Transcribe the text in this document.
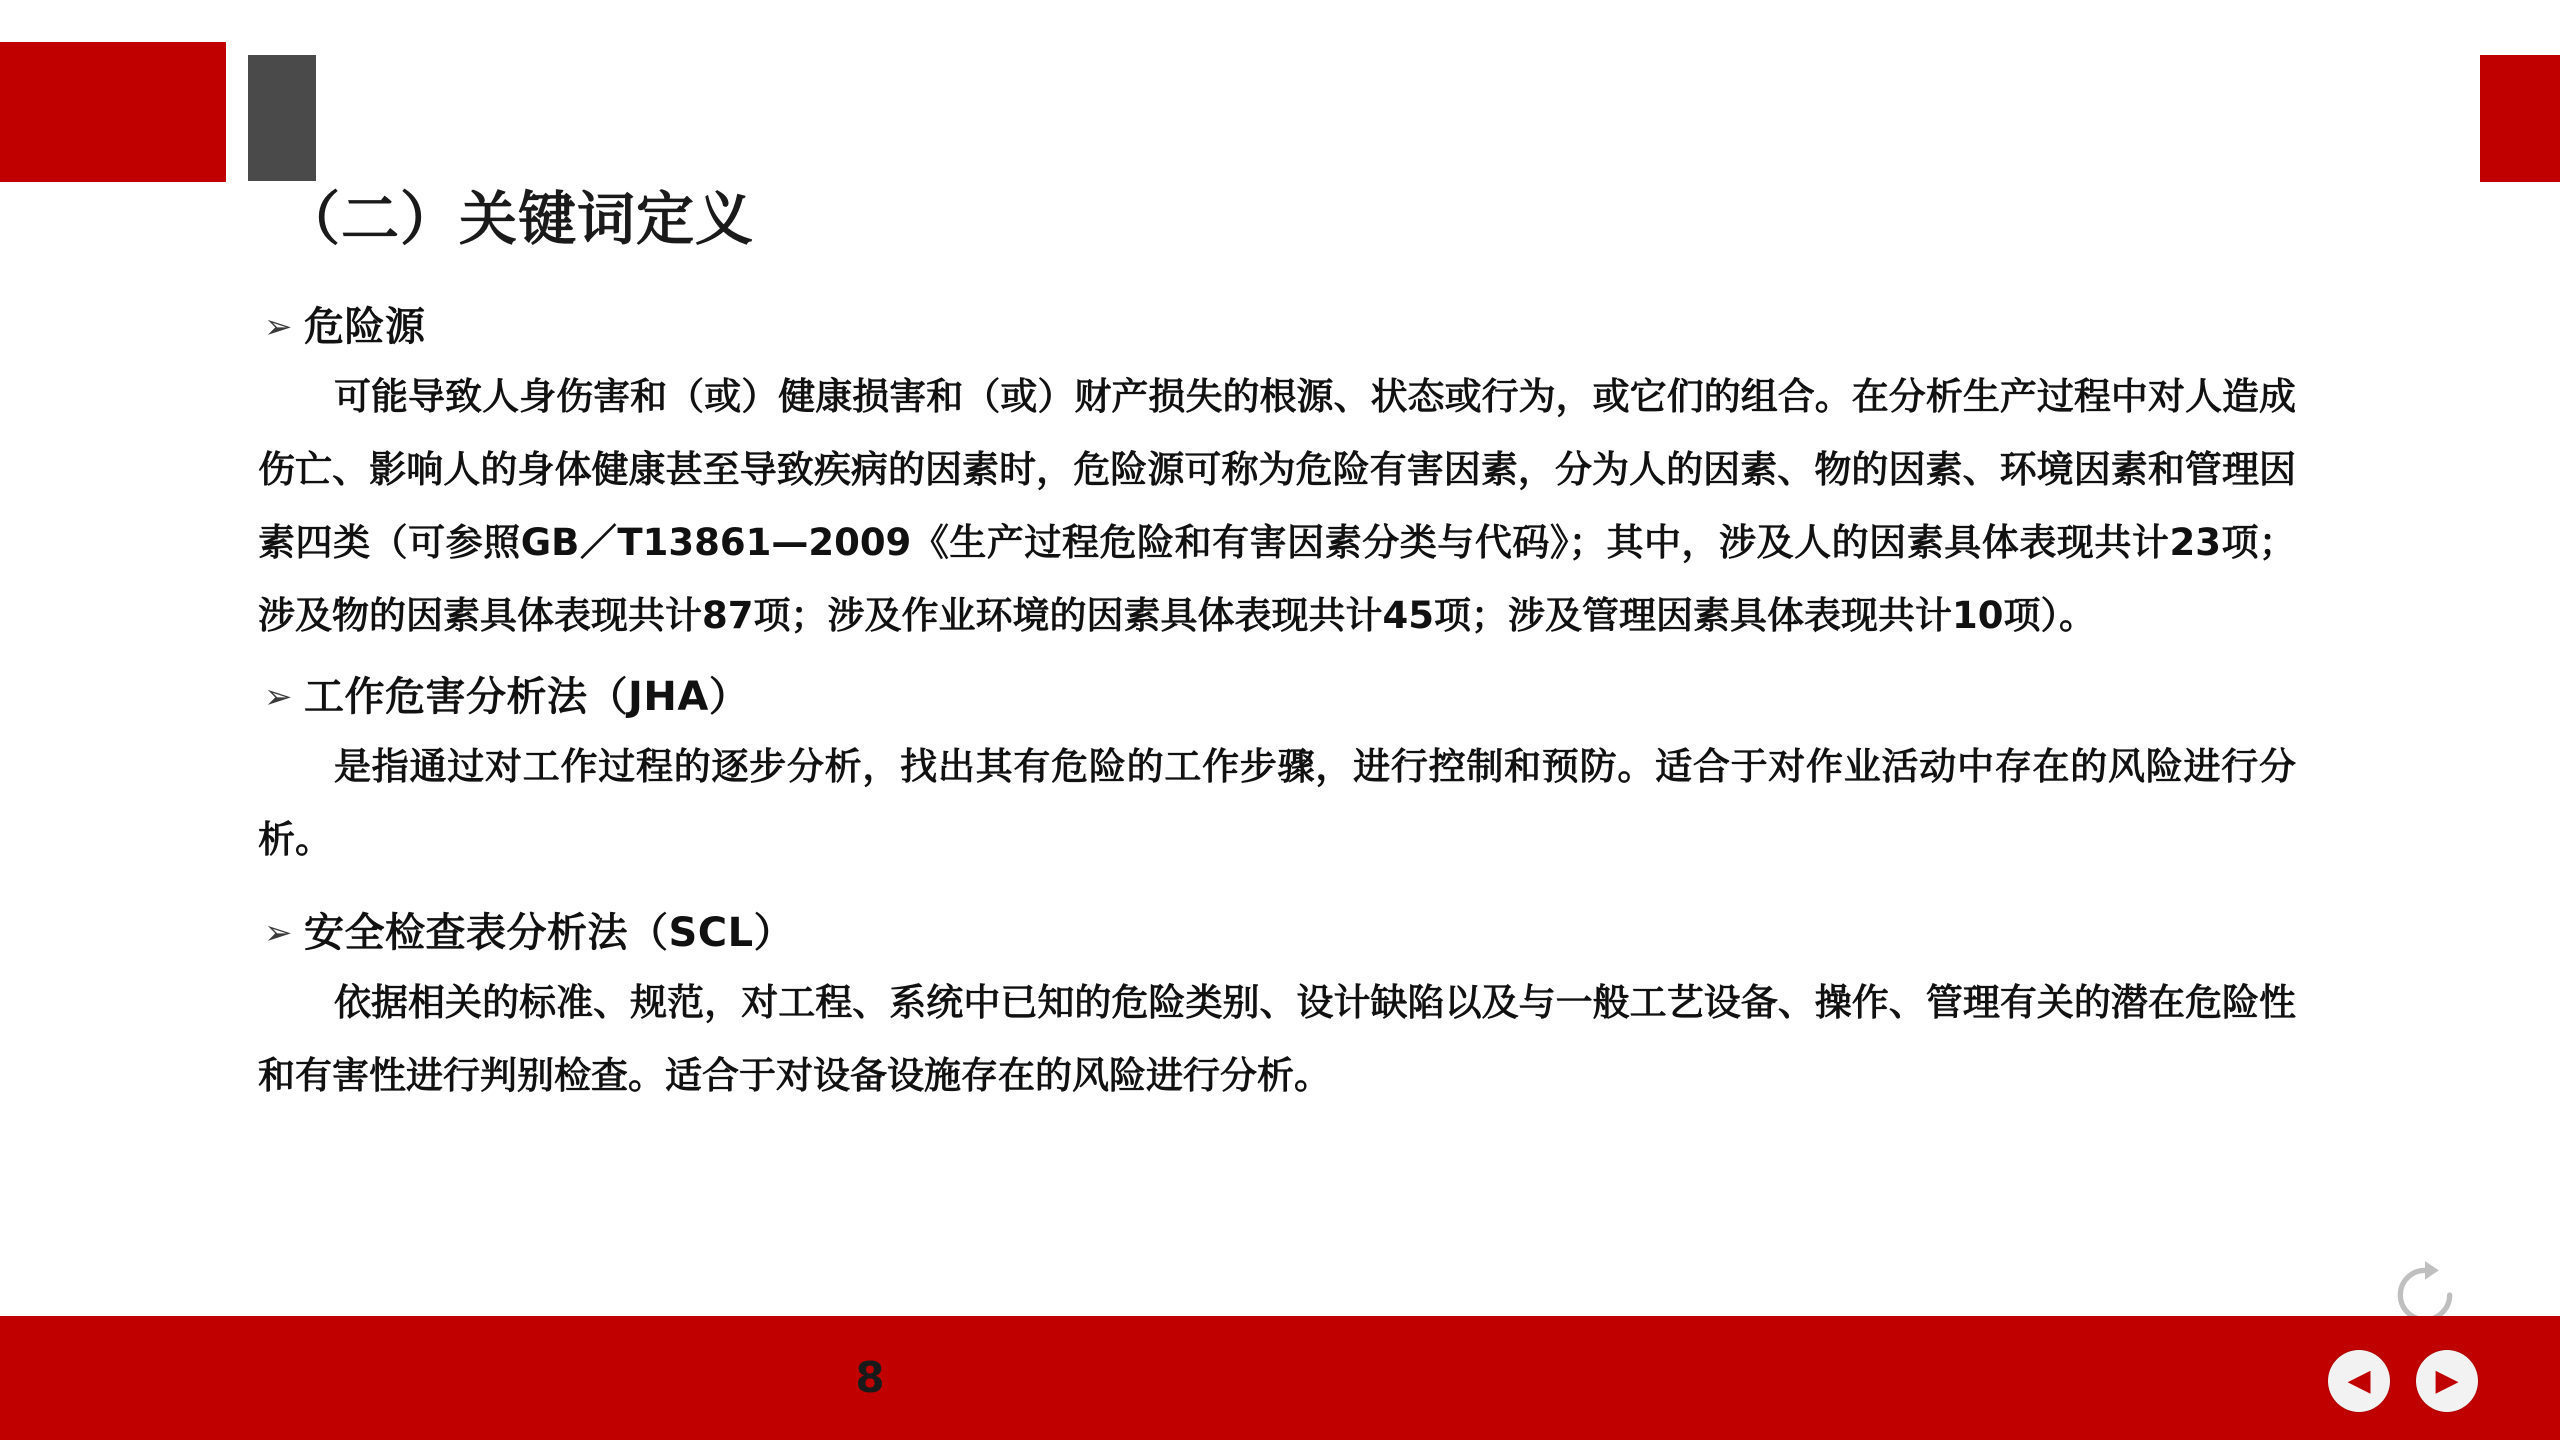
（二）关键词定义
➢ 危险源

可能导致人身伤害和（或）健康损害和（或）财产损失的根源、状态或行为，或它们的组合。在分析生产过程中对人造成伤亡、影响人的身体健康甚至导致疾病的因素时，危险源可称为危险有害因素，分为人的因素、物的因素、环境因素和管理因素四类（可参照GB／T13861—2009《生产过程危险和有害因素分类与代码》；其中，涉及人的因素具体表现共计23项；涉及物的因素具体表现共计87项；涉及作业环境的因素具体表现共计45项；涉及管理因素具体表现共计10项）。

➢ 工作危害分析法（JHA）

是指通过对工作过程的逐步分析，找出其有危险的工作步骤，进行控制和预防。适合于对作业活动中存在的风险进行分析。

➢ 安全检查表分析法（SCL）

依据相关的标准、规范，对工程、系统中已知的危险类别、设计缺陷以及与一般工艺设备、操作、管理有关的潜在危险性和有害性进行判别检查。适合于对设备设施存在的风险进行分析。

8	◀	▶
